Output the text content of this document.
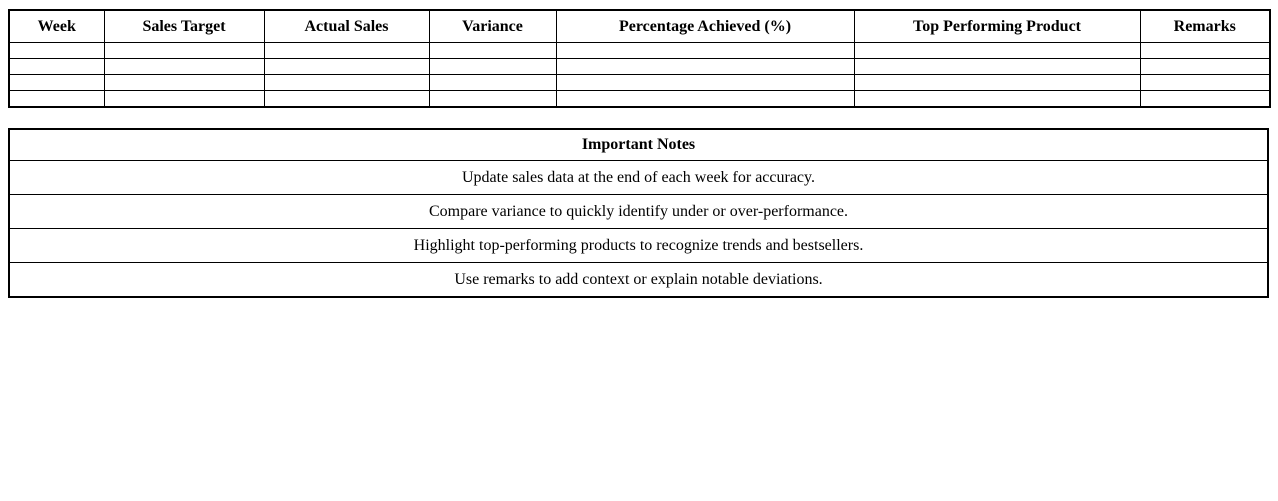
Week	Sales Target	Actual Sales	Variance	Percentage Achieved (%)	Top Performing Product	Remarks

Important Notes
Update sales data at the end of each week for accuracy.
Compare variance to quickly identify under or over-performance.
Highlight top-performing products to recognize trends and bestsellers.
Use remarks to add context or explain notable deviations.
